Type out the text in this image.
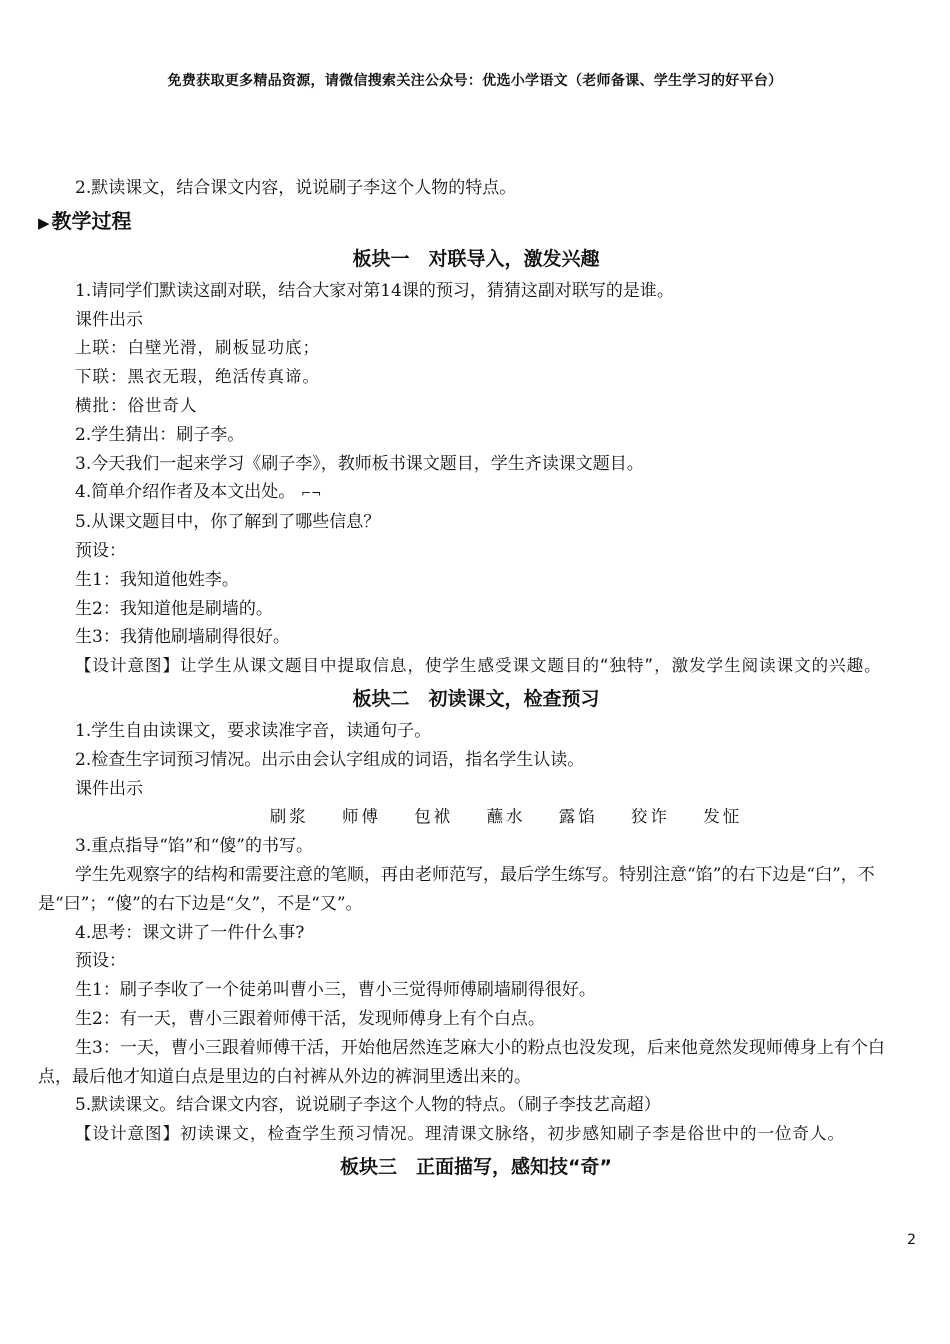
免费获取更多精品资源，请微信搜索关注公众号：优选小学语文（老师备课、学生学习的好平台）
2.默读课文，结合课文内容，说说刷子李这个人物的特点。
▶ 教学过程
板块一　对联导入，激发兴趣
1.请同学们默读这副对联，结合大家对第14课的预习，猜猜这副对联写的是谁。
课件出示
上联：白壁光滑，刷板显功底；
下联：黑衣无瑕，绝活传真谛。
横批：俗世奇人
2.学生猜出：刷子李。
3.今天我们一起来学习《刷子李》，教师板书课文题目，学生齐读课文题目。
4.简单介绍作者及本文出处。 ⌐¬
5.从课文题目中，你了解到了哪些信息？
预设：
生1：我知道他姓李。
生2：我知道他是刷墙的。
生3：我猜他刷墙刷得很好。
【设计意图】让学生从课文题目中提取信息，使学生感受课文题目的“独特”，激发学生阅读课文的兴趣。
板块二　初读课文，检查预习
1.学生自由读课文，要求读准字音，读通句子。
2.检查生字词预习情况。出示由会认字组成的词语，指名学生认读。
课件出示
刷浆 师傅 包袱 蘸水 露馅 狡诈 发怔
3.重点指导“馅”和“傻”的书写。
学生先观察字的结构和需要注意的笔顺，再由老师范写，最后学生练写。特别注意“馅”的右下边是“臼”，不是“曰”；“傻”的右下边是“夂”，不是“又”。
4.思考：课文讲了一件什么事?
预设：
生1：刷子李收了一个徒弟叫曹小三，曹小三觉得师傅刷墙刷得很好。
生2：有一天，曹小三跟着师傅干活，发现师傅身上有个白点。
生3：一天，曹小三跟着师傅干活，开始他居然连芝麻大小的粉点也没发现，后来他竟然发现师傅身上有个白点，最后他才知道白点是里边的白衬裤从外边的裤洞里透出来的。
5.默读课文。结合课文内容，说说刷子李这个人物的特点。（刷子李技艺高超）
【设计意图】初读课文，检查学生预习情况。理清课文脉络，初步感知刷子李是俗世中的一位奇人。
板块三　正面描写，感知技“奇”
2
